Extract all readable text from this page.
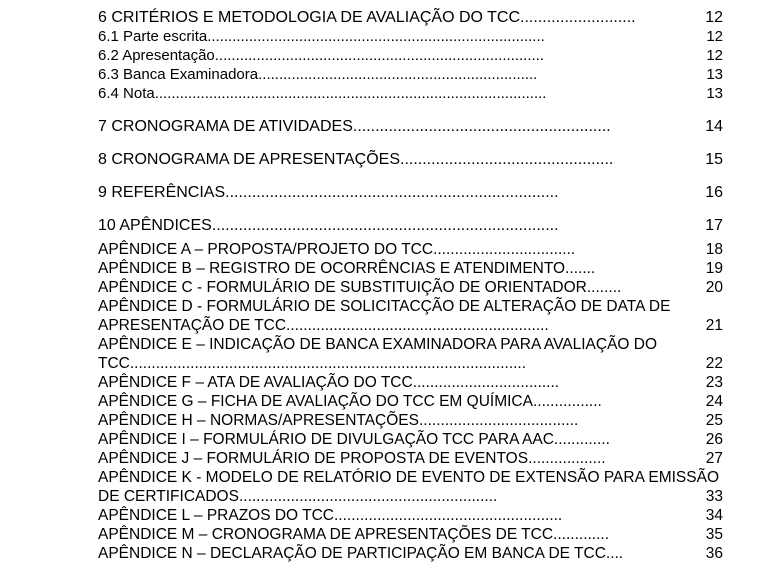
6 CRITÉRIOS E METODOLOGIA DE AVALIAÇÃO DO TCC..........................	12
6.1 Parte escrita.................................................................................	12
6.2 Apresentação...............................................................................	12
6.3 Banca Examinadora...................................................................	13
6.4 Nota..............................................................................................	13
7 CRONOGRAMA DE ATIVIDADES..........................................................	14
8 CRONOGRAMA DE APRESENTAÇÕES................................................	15
9 REFERÊNCIAS...........................................................................	16
10 APÊNDICES..............................................................................	17
APÊNDICE A – PROPOSTA/PROJETO DO TCC.................................	18
APÊNDICE B – REGISTRO DE OCORRÊNCIAS E ATENDIMENTO.......	19
APÊNDICE C - FORMULÁRIO DE SUBSTITUIÇÃO DE ORIENTADOR........	20
APÊNDICE D - FORMULÁRIO DE SOLICITACÇÃO DE ALTERAÇÃO DE DATA DE APRESENTAÇÃO DE TCC.............................................................	21
APÊNDICE E – INDICAÇÃO DE BANCA EXAMINADORA PARA AVALIAÇÃO DO TCC............................................................................................	22
APÊNDICE F – ATA DE AVALIAÇÃO DO TCC..................................	23
APÊNDICE G – FICHA DE AVALIAÇÃO DO TCC EM QUÍMICA................	24
APÊNDICE H – NORMAS/APRESENTAÇÕES.....................................	25
APÊNDICE I – FORMULÁRIO DE DIVULGAÇÃO TCC PARA AAC.............	26
APÊNDICE J – FORMULÁRIO DE PROPOSTA DE EVENTOS..................	27
APÊNDICE K - MODELO DE RELATÓRIO DE EVENTO DE EXTENSÃO PARA EMISSÃO DE CERTIFICADOS............................................................	33
APÊNDICE L – PRAZOS DO TCC.....................................................	34
APÊNDICE M – CRONOGRAMA DE APRESENTAÇÕES DE TCC.............	35
APÊNDICE N – DECLARAÇÃO DE PARTICIPAÇÃO EM BANCA DE TCC....	36
